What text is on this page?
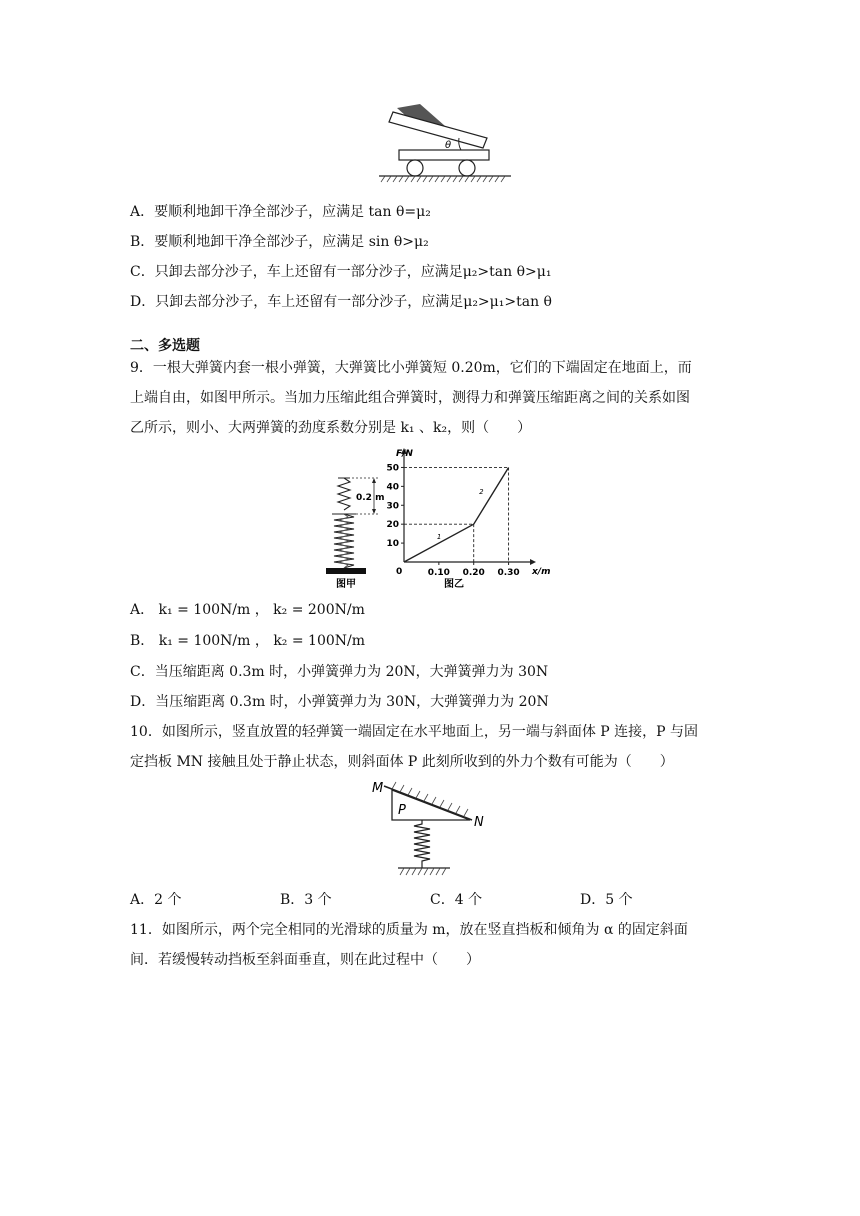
θ
A．要顺利地卸干净全部沙子，应满足 tan θ=μ₂
B．要顺利地卸干净全部沙子，应满足 sin θ>μ₂
C．只卸去部分沙子，车上还留有一部分沙子，应满足μ₂>tan θ>μ₁
D．只卸去部分沙子，车上还留有一部分沙子，应满足μ₂>μ₁>tan θ
二、多选题
9．一根大弹簧内套一根小弹簧，大弹簧比小弹簧短 0.20m，它们的下端固定在地面上，而
上端自由，如图甲所示。当加力压缩此组合弹簧时，测得力和弹簧压缩距离之间的关系如图
乙所示，则小、大两弹簧的劲度系数分别是 k₁ 、k₂，则（　　）
0.2 m
图甲
F/N
x/m
0
10
20
30
40
50
0.10 0.20 0.30
1
2
图乙
A． k₁ = 100N/m ， k₂ = 200N/m
B． k₁ = 100N/m ， k₂ = 100N/m
C．当压缩距离 0.3m 时，小弹簧弹力为 20N，大弹簧弹力为 30N
D．当压缩距离 0.3m 时，小弹簧弹力为 30N，大弹簧弹力为 20N
10．如图所示，竖直放置的轻弹簧一端固定在水平地面上，另一端与斜面体 P 连接，P 与固
定挡板 MN 接触且处于静止状态，则斜面体 P 此刻所收到的外力个数有可能为（　　）
M
N
P
A．2 个	B．3 个	C．4 个	D．5 个
11．如图所示，两个完全相同的光滑球的质量为 m，放在竖直挡板和倾角为 α 的固定斜面
间．若缓慢转动挡板至斜面垂直，则在此过程中（　　）
